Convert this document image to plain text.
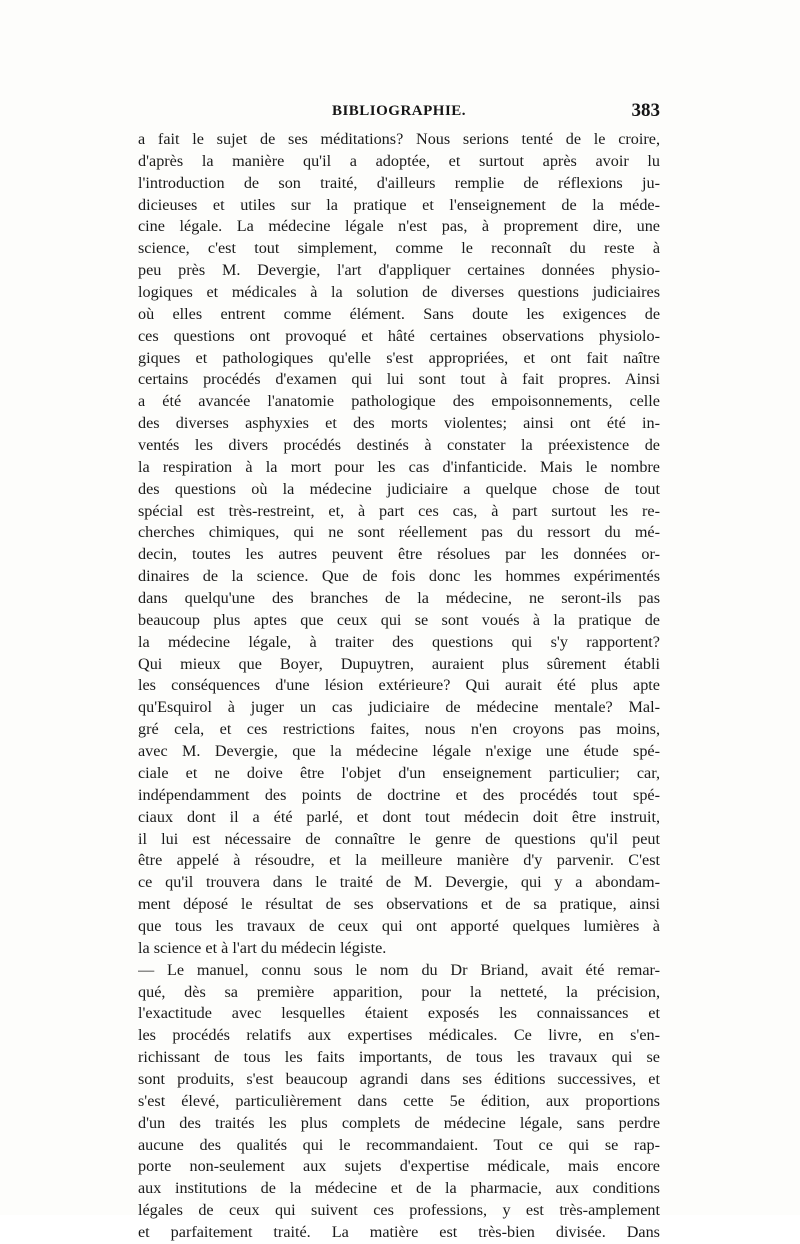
BIBLIOGRAPHIE.	383
a fait le sujet de ses méditations? Nous serions tenté de le croire,
d'après la manière qu'il a adoptée, et surtout après avoir lu
l'introduction de son traité, d'ailleurs remplie de réflexions ju-
dicieuses et utiles sur la pratique et l'enseignement de la méde-
cine légale. La médecine légale n'est pas, à proprement dire, une
science, c'est tout simplement, comme le reconnaît du reste à
peu près M. Devergie, l'art d'appliquer certaines données physio-
logiques et médicales à la solution de diverses questions judiciaires
où elles entrent comme élément. Sans doute les exigences de
ces questions ont provoqué et hâté certaines observations physiolo-
giques et pathologiques qu'elle s'est appropriées, et ont fait naître
certains procédés d'examen qui lui sont tout à fait propres. Ainsi
a été avancée l'anatomie pathologique des empoisonnements, celle
des diverses asphyxies et des morts violentes; ainsi ont été in-
ventés les divers procédés destinés à constater la préexistence de
la respiration à la mort pour les cas d'infanticide. Mais le nombre
des questions où la médecine judiciaire a quelque chose de tout
spécial est très-restreint, et, à part ces cas, à part surtout les re-
cherches chimiques, qui ne sont réellement pas du ressort du mé-
decin, toutes les autres peuvent être résolues par les données or-
dinaires de la science. Que de fois donc les hommes expérimentés
dans quelqu'une des branches de la médecine, ne seront-ils pas
beaucoup plus aptes que ceux qui se sont voués à la pratique de
la médecine légale, à traiter des questions qui s'y rapportent?
Qui mieux que Boyer, Dupuytren, auraient plus sûrement établi
les conséquences d'une lésion extérieure? Qui aurait été plus apte
qu'Esquirol à juger un cas judiciaire de médecine mentale? Mal-
gré cela, et ces restrictions faites, nous n'en croyons pas moins,
avec M. Devergie, que la médecine légale n'exige une étude spé-
ciale et ne doive être l'objet d'un enseignement particulier; car,
indépendamment des points de doctrine et des procédés tout spé-
ciaux dont il a été parlé, et dont tout médecin doit être instruit,
il lui est nécessaire de connaître le genre de questions qu'il peut
être appelé à résoudre, et la meilleure manière d'y parvenir. C'est
ce qu'il trouvera dans le traité de M. Devergie, qui y a abondam-
ment déposé le résultat de ses observations et de sa pratique, ainsi
que tous les travaux de ceux qui ont apporté quelques lumières à
la science et à l'art du médecin légiste.
— Le manuel, connu sous le nom du Dr Briand, avait été remar-
qué, dès sa première apparition, pour la netteté, la précision,
l'exactitude avec lesquelles étaient exposés les connaissances et
les procédés relatifs aux expertises médicales. Ce livre, en s'en-
richissant de tous les faits importants, de tous les travaux qui se
sont produits, s'est beaucoup agrandi dans ses éditions successives, et
s'est élevé, particulièrement dans cette 5e édition, aux proportions
d'un des traités les plus complets de médecine légale, sans perdre
aucune des qualités qui le recommandaient. Tout ce qui se rap-
porte non-seulement aux sujets d'expertise médicale, mais encore
aux institutions de la médecine et de la pharmacie, aux conditions
légales de ceux qui suivent ces professions, y est très-amplement
et parfaitement traité. La matière est très-bien divisée. Dans
